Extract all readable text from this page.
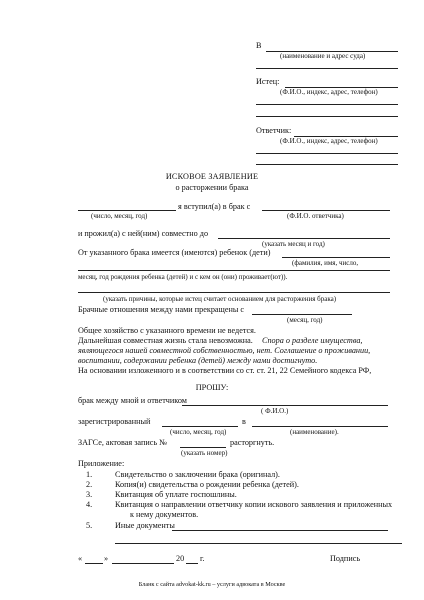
В
(наименование и адрес суда)
Истец:
(Ф.И.О., индекс, адрес, телефон)
Ответчик:
(Ф.И.О., индекс, адрес, телефон)
ИСКОВОЕ ЗАЯВЛЕНИЕ
о расторжении брака
я вступил(а) в брак с
(число, месяц, год)	(Ф.И.О. ответчика)
и прожил(а) с ней(ним) совместно до
(указать месяц и год)
От указанного брака имеется (имеются) ребенок (дети)
(фамилия, имя, число,
месяц, год рождения ребенка (детей) и с кем он (они) проживает(ют)).
(указать причины, которые истец считает основанием для расторжения брака)
Брачные отношения между нами прекращены с
(месяц, год)
Общее хозяйство с указанного времени не ведется.
Дальнейшая совместная жизнь стала невозможна. Спора о разделе имущества,
являющегося нашей совместной собственностью, нет. Соглашение о проживании,
воспитании, содержании ребенка (детей) между нами достигнуто.
На основании изложенного и в соответствии со ст. ст. 21, 22 Семейного кодекса РФ,
ПРОШУ:
брак между мной и ответчиком
( Ф.И.О.)
зарегистрированный	в
(число, месяц, год)	(наименование).
ЗАГСе, актовая запись №	расторгнуть.
(указать номер)
Приложение:
1.	Свидетельство о заключении брака (оригинал).
2.	Копия(и) свидетельства о рождении ребенка (детей).
3.	Квитанция об уплате госпошлины.
4.	Квитанция о направлении ответчику копии искового заявления и приложенных
к нему документов.
5.	Иные документы
«	»	20 г.	Подпись
Бланк с сайта advokat-kk.ru – услуги адвоката в Москве
